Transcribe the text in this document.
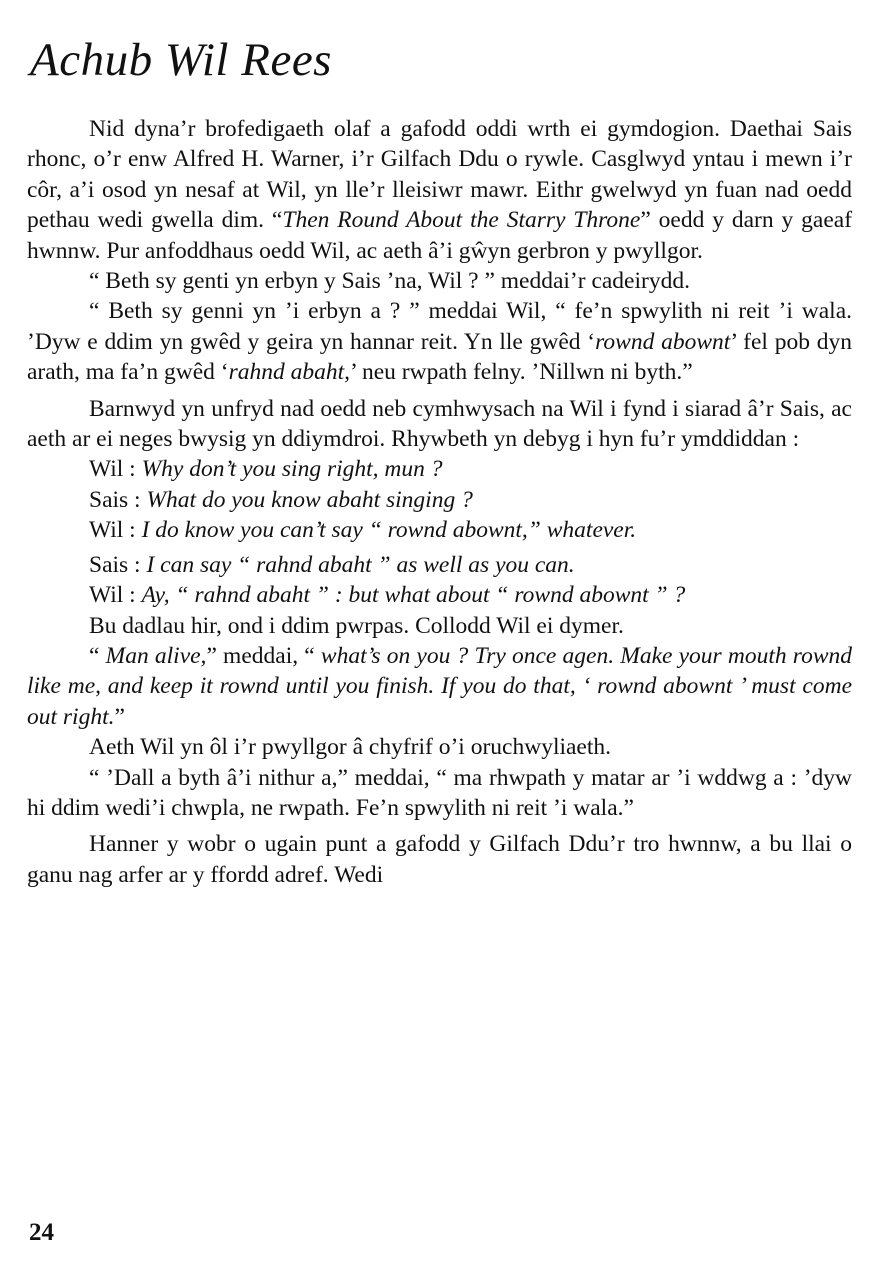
Achub Wil Rees

Nid dyna’r brofedigaeth olaf a gafodd oddi wrth ei gymdogion. Daethai Sais rhonc, o’r enw Alfred H. Warner, i’r Gilfach Ddu o rywle. Casglwyd yntau i mewn i’r côr, a’i osod yn nesaf at Wil, yn lle’r lleisiwr mawr. Eithr gwelwyd yn fuan nad oedd pethau wedi gwella dim. “Then Round About the Starry Throne” oedd y darn y gaeaf hwnnw. Pur anfoddhaus oedd Wil, ac aeth â’i gŵyn gerbron y pwyllgor.

“ Beth sy genti yn erbyn y Sais ’na, Wil ? ” meddai’r cadeirydd.

“ Beth sy genni yn ’i erbyn a ? ” meddai Wil, “ fe’n spwylith ni reit ’i wala. ’Dyw e ddim yn gwêd y geira yn hannar reit. Yn lle gwêd ‘rownd abownt’ fel pob dyn arath, ma fa’n gwêd ‘rahnd abaht,’ neu rwpath felny. ’Nillwn ni byth.”

Barnwyd yn unfryd nad oedd neb cymhwysach na Wil i fynd i siarad â’r Sais, ac aeth ar ei neges bwysig yn ddiymdroi. Rhywbeth yn debyg i hyn fu’r ymddiddan :

Wil : Why don’t you sing right, mun ?

Sais : What do you know abaht singing ?

Wil : I do know you can’t say “ rownd abownt,” whatever.

Sais : I can say “ rahnd abaht ” as well as you can.

Wil : Ay, “ rahnd abaht ” : but what about “ rownd abownt ” ?

Bu dadlau hir, ond i ddim pwrpas. Collodd Wil ei dymer.

“ Man alive,” meddai, “ what’s on you ? Try once agen. Make your mouth rownd like me, and keep it rownd until you finish. If you do that, ‘ rownd abownt ’ must come out right.”

Aeth Wil yn ôl i’r pwyllgor â chyfrif o’i oruchwyliaeth.

“ ’Dall a byth â’i nithur a,” meddai, “ ma rhwpath y matar ar ’i wddwg a : ’dyw hi ddim wedi’i chwpla, ne rwpath. Fe’n spwylith ni reit ’i wala.”

Hanner y wobr o ugain punt a gafodd y Gilfach Ddu’r tro hwnnw, a bu llai o ganu nag arfer ar y ffordd adref. Wedi

24
